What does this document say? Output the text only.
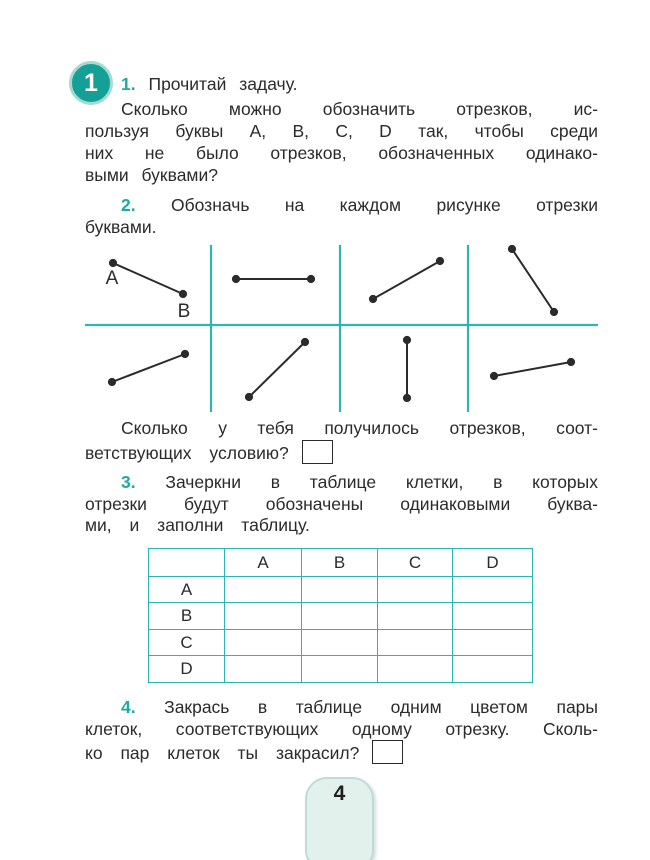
1	1. Прочитай задачу.
Сколько можно обозначить отрезков, ис-
пользуя буквы А, В, С, D так, чтобы среди
них не было отрезков, обозначенных одинако-
выми буквами?
2. Обозначь на каждом рисунке отрезки
буквами.
A
B
Сколько у тебя получилось отрезков, соот-
ветствующих условию?
3. Зачеркни в таблице клетки, в которых
отрезки будут обозначены одинаковыми буква-
ми, и заполни таблицу.
	А	В	С	D
А				
В				
С				
D				
4. Закрась в таблице одним цветом пары
клеток, соответствующих одному отрезку. Сколь-
ко пар клеток ты закрасил?
4
